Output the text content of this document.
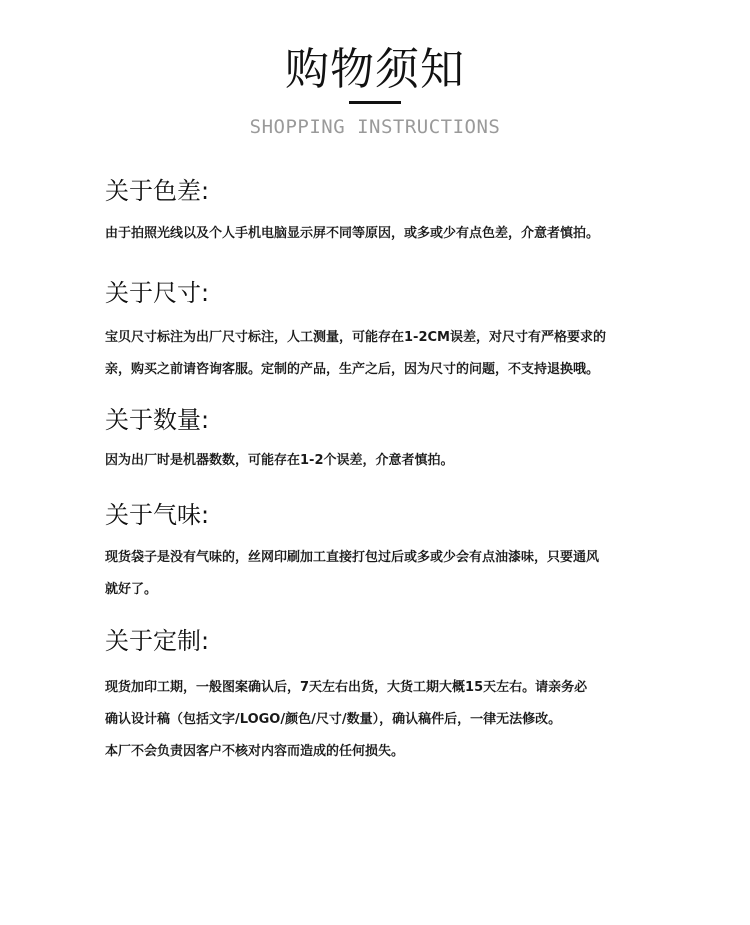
购物须知
SHOPPING INSTRUCTIONS
关于色差:
由于拍照光线以及个人手机电脑显示屏不同等原因，或多或少有点色差，介意者慎拍。
关于尺寸:
宝贝尺寸标注为出厂尺寸标注，人工测量，可能存在1-2CM误差，对尺寸有严格要求的
亲，购买之前请咨询客服。定制的产品，生产之后，因为尺寸的问题，不支持退换哦。
关于数量:
因为出厂时是机器数数，可能存在1-2个误差，介意者慎拍。
关于气味:
现货袋子是没有气味的，丝网印刷加工直接打包过后或多或少会有点油漆味，只要通风
就好了。
关于定制:
现货加印工期，一般图案确认后，7天左右出货，大货工期大概15天左右。请亲务必
确认设计稿（包括文字/LOGO/颜色/尺寸/数量），确认稿件后，一律无法修改。
本厂不会负责因客户不核对内容而造成的任何损失。
